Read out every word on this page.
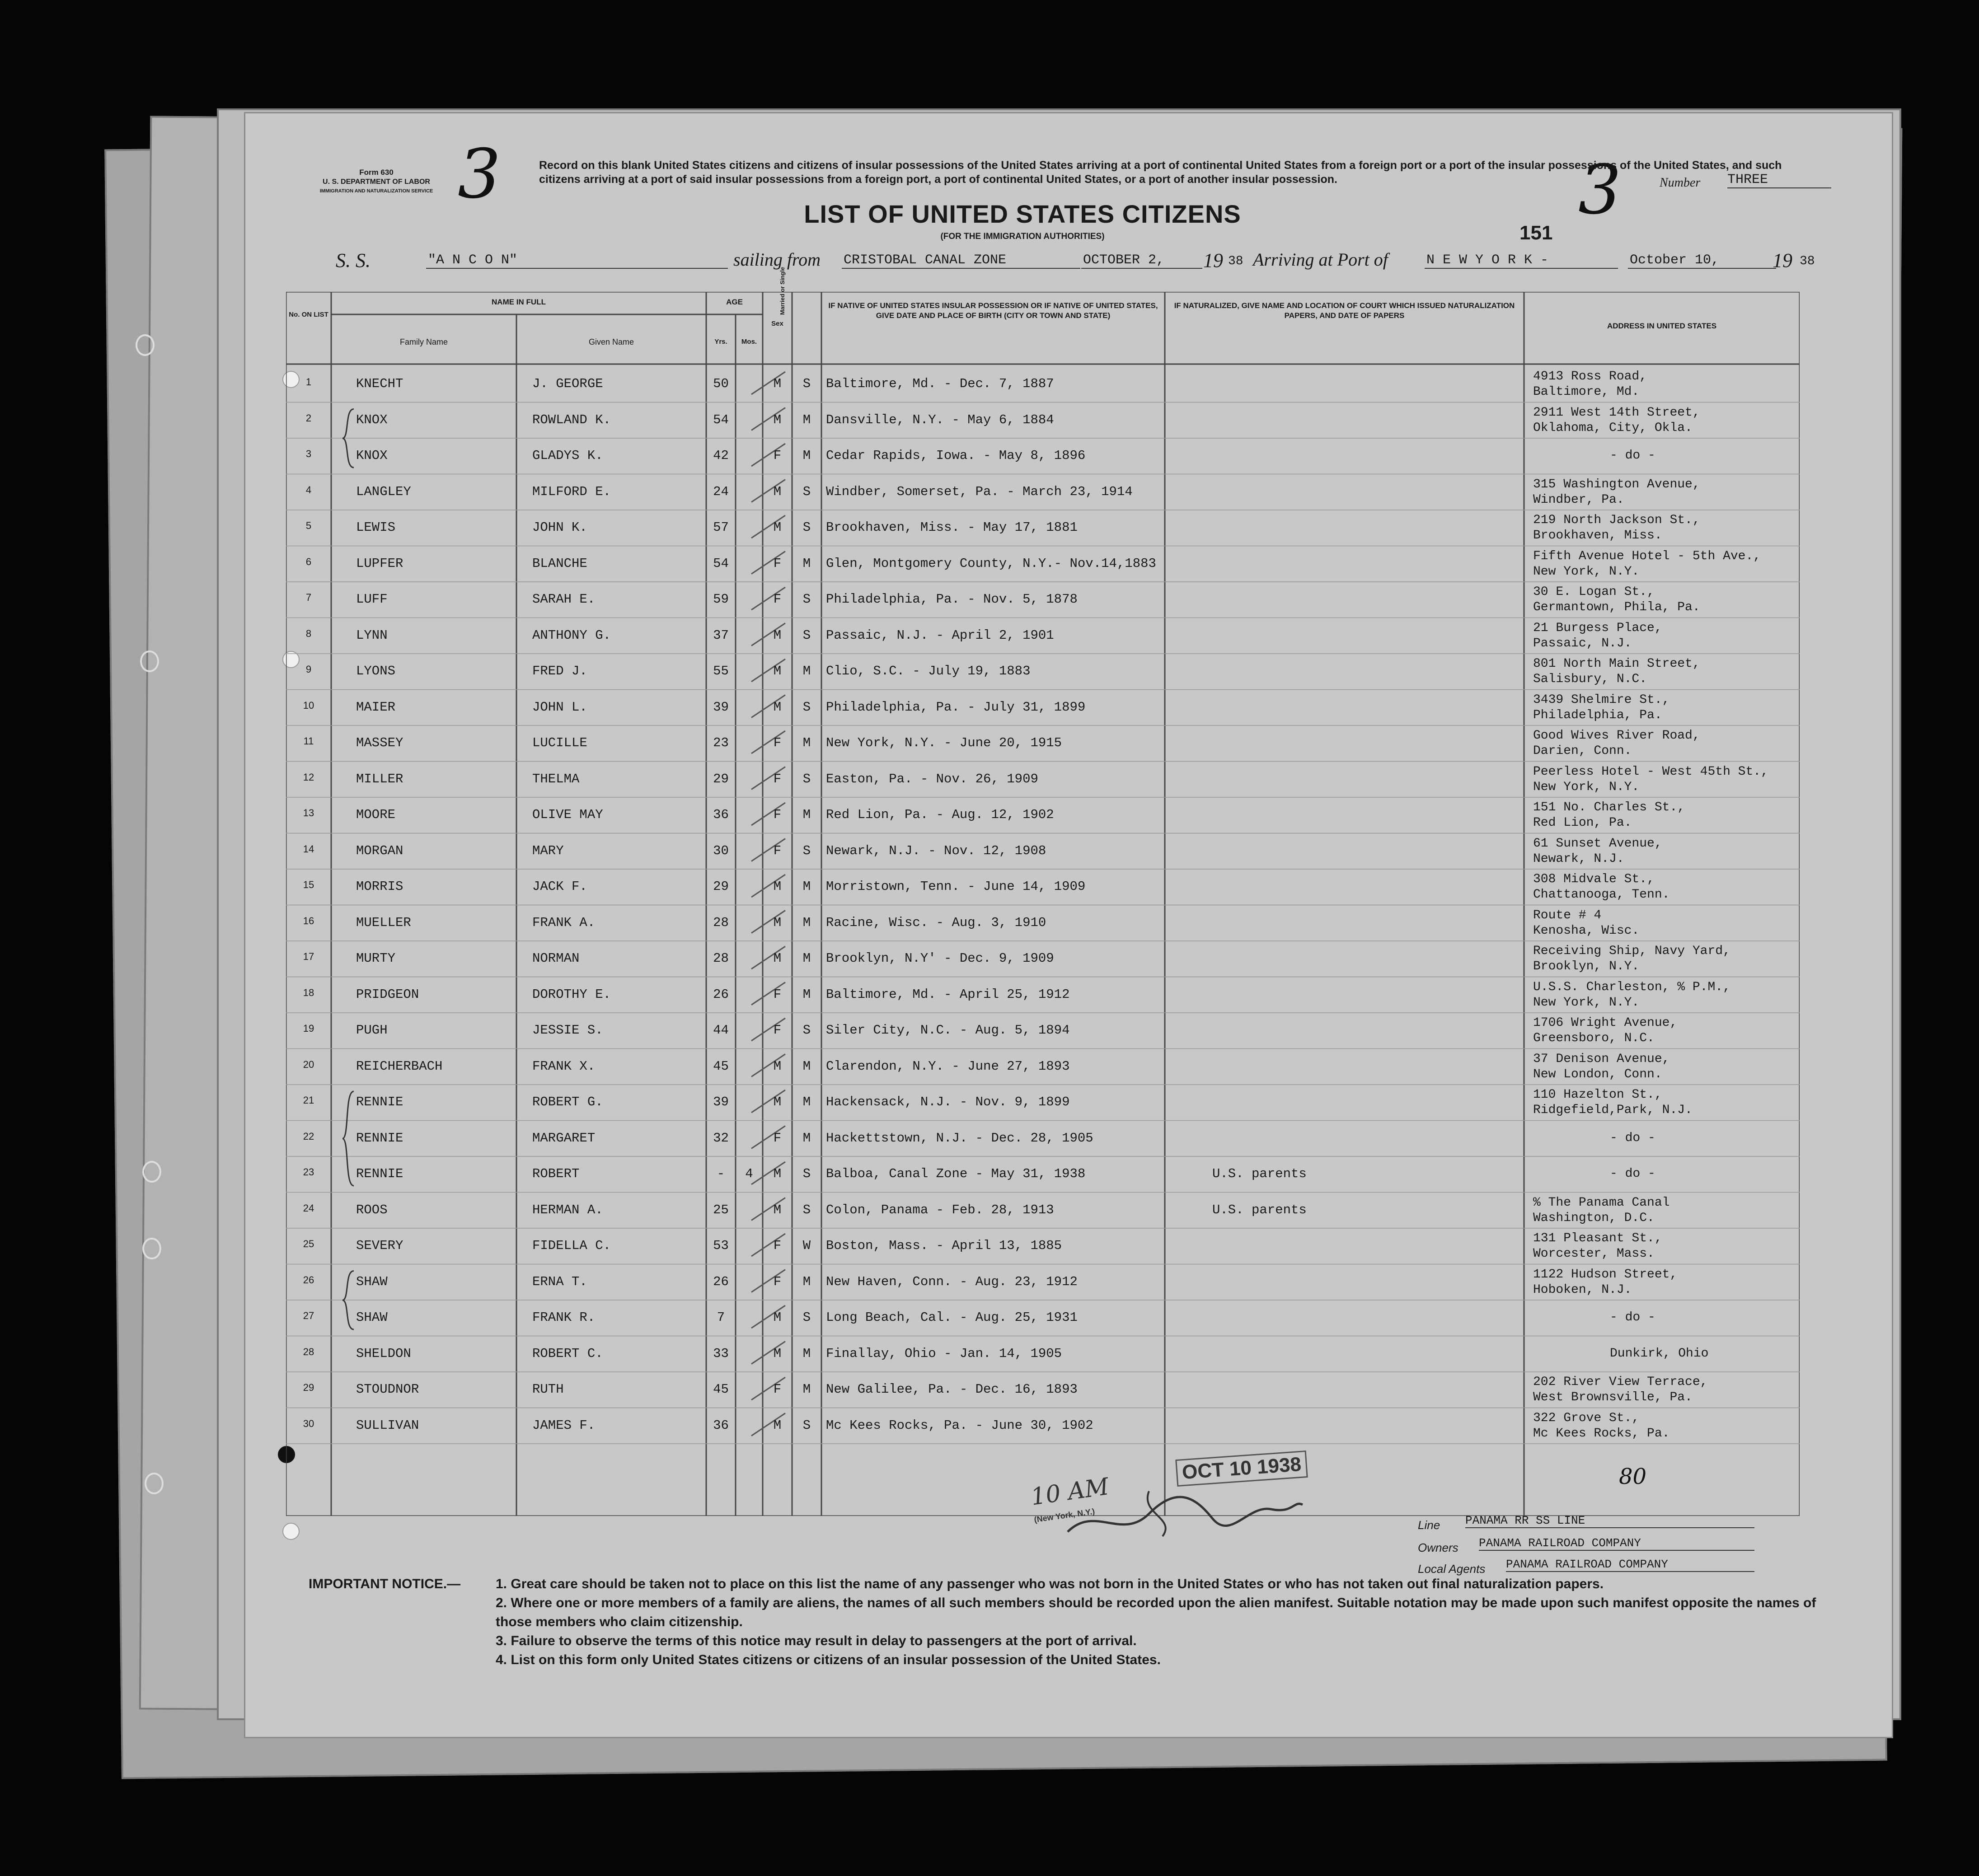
Form 630
U. S. DEPARTMENT OF LABOR
IMMIGRATION AND NATURALIZATION SERVICE 3	3
Record on this blank United States citizens and citizens of insular possessions of the United States arriving at a port of continental United States from a foreign port or a port of the insular possessions of the United States, and such citizens arriving at a port of said insular possessions from a foreign port, a port of continental United States, or a port of another insular possession.
LIST OF UNITED STATES CITIZENS
(FOR THE IMMIGRATION AUTHORITIES)
Number THREE
151
S. S.	"A N C O N"	sailing from CRISTOBAL CANAL ZONE	OCTOBER 2,	19 38 Arriving at Port of	N E W Y O R K -	October 10,	19 38
No. ON LIST
NAME IN FULL
Family Name	Given Name
AGE
Yrs.	Mos.
Sex
Married or Single	IF NATIVE OF UNITED STATES INSULAR POSSESSION OR IF NATIVE OF UNITED STATES, GIVE DATE AND PLACE OF BIRTH (CITY OR TOWN AND STATE)
IF NATURALIZED, GIVE NAME AND LOCATION OF COURT WHICH ISSUED NATURALIZATION PAPERS, AND DATE OF PAPERS
ADDRESS IN UNITED STATES
1	KNECHT	J. GEORGE	50	M	S	Baltimore, Md. - Dec. 7, 1887	4913 Ross Road,
Baltimore, Md.
2	KNOX	ROWLAND K.	54	M	M	Dansville, N.Y. - May 6, 1884	2911 West 14th Street,
Oklahoma, City, Okla.
3	KNOX	GLADYS K.	42	F	M	Cedar Rapids, Iowa. - May 8, 1896	- do -
4	LANGLEY	MILFORD E.	24	M	S	Windber, Somerset, Pa. - March 23, 1914	315 Washington Avenue,
Windber, Pa.
5	LEWIS	JOHN K.	57	M	S	Brookhaven, Miss. - May 17, 1881	219 North Jackson St.,
Brookhaven, Miss.
6	LUPFER	BLANCHE	54	F	M	Glen, Montgomery County, N.Y.- Nov.14,1883	Fifth Avenue Hotel - 5th Ave.,
New York, N.Y.
7	LUFF	SARAH E.	59	F	S	Philadelphia, Pa. - Nov. 5, 1878	30 E. Logan St.,
Germantown, Phila, Pa.
8	LYNN	ANTHONY G.	37	M	S	Passaic, N.J. - April 2, 1901	21 Burgess Place,
Passaic, N.J.
9	LYONS	FRED J.	55	M	M	Clio, S.C. - July 19, 1883	801 North Main Street,
Salisbury, N.C.
10	MAIER	JOHN L.	39	M	S	Philadelphia, Pa. - July 31, 1899	3439 Shelmire St.,
Philadelphia, Pa.
11	MASSEY	LUCILLE	23	F	M	New York, N.Y. - June 20, 1915	Good Wives River Road,
Darien, Conn.
12	MILLER	THELMA	29	F	S	Easton, Pa. - Nov. 26, 1909	Peerless Hotel - West 45th St.,
New York, N.Y.
13	MOORE	OLIVE MAY	36	F	M	Red Lion, Pa. - Aug. 12, 1902	151 No. Charles St.,
Red Lion, Pa.
14	MORGAN	MARY	30	F	S	Newark, N.J. - Nov. 12, 1908	61 Sunset Avenue,
Newark, N.J.
15	MORRIS	JACK F.	29	M	M	Morristown, Tenn. - June 14, 1909	308 Midvale St.,
Chattanooga, Tenn.
16	MUELLER	FRANK A.	28	M	M	Racine, Wisc. - Aug. 3, 1910	Route # 4
Kenosha, Wisc.
17	MURTY	NORMAN	28	M	M	Brooklyn, N.Y' - Dec. 9, 1909	Receiving Ship, Navy Yard,
Brooklyn, N.Y.
18	PRIDGEON	DOROTHY E.	26	F	M	Baltimore, Md. - April 25, 1912	U.S.S. Charleston, % P.M.,
New York, N.Y.
19	PUGH	JESSIE S.	44	F	S	Siler City, N.C. - Aug. 5, 1894	1706 Wright Avenue,
Greensboro, N.C.
20	REICHERBACH	FRANK X.	45	M	M	Clarendon, N.Y. - June 27, 1893	37 Denison Avenue,
New London, Conn.
21	RENNIE	ROBERT G.	39	M	M	Hackensack, N.J. - Nov. 9, 1899	110 Hazelton St.,
Ridgefield,Park, N.J.
22	RENNIE	MARGARET	32	F	M	Hackettstown, N.J. - Dec. 28, 1905	- do -
23	RENNIE	ROBERT	-	4	M	S	Balboa, Canal Zone - May 31, 1938	U.S. parents	- do -
24	ROOS	HERMAN A.	25	M	S	Colon, Panama - Feb. 28, 1913	U.S. parents	% The Panama Canal
Washington, D.C.
25	SEVERY	FIDELLA C.	53	F	W	Boston, Mass. - April 13, 1885	131 Pleasant St.,
Worcester, Mass.
26	SHAW	ERNA T.	26	F	M	New Haven, Conn. - Aug. 23, 1912	1122 Hudson Street,
Hoboken, N.J.
27	SHAW	FRANK R.	7	M	S	Long Beach, Cal. - Aug. 25, 1931	- do -
28	SHELDON	ROBERT C.	33	M	M	Finallay, Ohio - Jan. 14, 1905	Dunkirk, Ohio
29	STOUDNOR	RUTH	45	F	M	New Galilee, Pa. - Dec. 16, 1893	202 River View Terrace,
West Brownsville, Pa.
30	SULLIVAN	JAMES F.	36	M	S	Mc Kees Rocks, Pa. - June 30, 1902	322 Grove St.,
Mc Kees Rocks, Pa.
80
10 AM
(New York, N.Y.)
OCT 10 1938
Line PANAMA RR SS LINE
Owners PANAMA RAILROAD COMPANY
Local Agents PANAMA RAILROAD COMPANY
IMPORTANT NOTICE.—	1. Great care should be taken not to place on this list the name of any passenger who was not born in the United States or who has not taken out final naturalization papers.
2. Where one or more members of a family are aliens, the names of all such members should be recorded upon the alien manifest. Suitable notation may be made upon such manifest opposite the names of those members who claim citizenship.
3. Failure to observe the terms of this notice may result in delay to passengers at the port of arrival.
4. List on this form only United States citizens or citizens of an insular possession of the United States.
